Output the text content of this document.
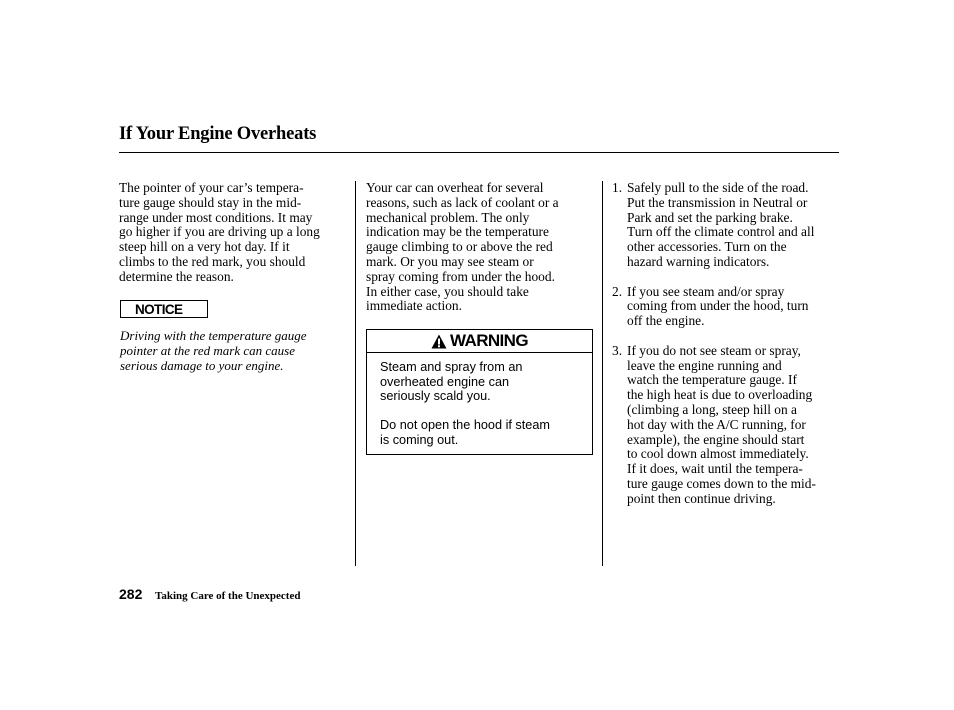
If Your Engine Overheats

The pointer of your car’s tempera-
ture gauge should stay in the mid-
range under most conditions. It may
go higher if you are driving up a long
steep hill on a very hot day. If it
climbs to the red mark, you should
determine the reason.

NOTICE

Driving with the temperature gauge
pointer at the red mark can cause
serious damage to your engine.

Your car can overheat for several
reasons, such as lack of coolant or a
mechanical problem. The only
indication may be the temperature
gauge climbing to or above the red
mark. Or you may see steam or
spray coming from under the hood.
In either case, you should take
immediate action.

WARNING

Steam and spray from an
overheated engine can
seriously scald you.

Do not open the hood if steam
is coming out.

1. Safely pull to the side of the road.
Put the transmission in Neutral or
Park and set the parking brake.
Turn off the climate control and all
other accessories. Turn on the
hazard warning indicators.
2. If you see steam and/or spray
coming from under the hood, turn
off the engine.
3. If you do not see steam or spray,
leave the engine running and
watch the temperature gauge. If
the high heat is due to overloading
(climbing a long, steep hill on a
hot day with the A/C running, for
example), the engine should start
to cool down almost immediately.
If it does, wait until the tempera-
ture gauge comes down to the mid-
point then continue driving.
282 Taking Care of the Unexpected
